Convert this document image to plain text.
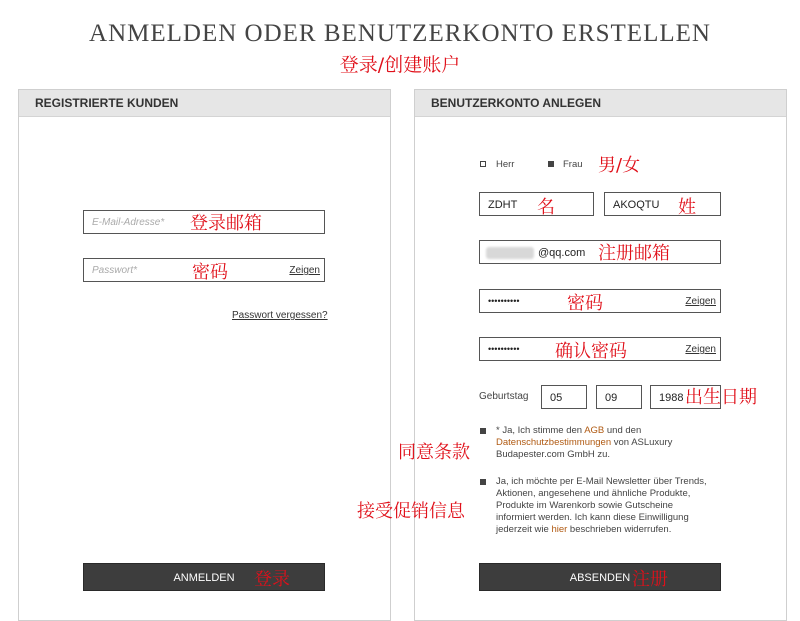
ANMELDEN ODER BENUTZERKONTO ERSTELLEN
登录/创建账户
REGISTRIERTE KUNDEN
E-Mail-Adresse* 登录邮箱
Passwort*	Zeigen
密码
Passwort vergessen?
ANMELDEN	登录
BENUTZERKONTO ANLEGEN
Herr	Frau 男/女
ZDHT 名	AKOQTU 姓
@qq.com 注册邮箱
••••••••••	Zeigen
密码
••••••••••	Zeigen
确认密码
Geburtstag 05	09	1988 出生日期
* Ja, Ich stimme den AGB und den
Datenschutzbestimmungen von ASLuxury
Budapester.com GmbH zu.
同意条款
Ja, ich möchte per E-Mail Newsletter über Trends,
Aktionen, angesehene und ähnliche Produkte,
Produkte im Warenkorb sowie Gutscheine
informiert werden. Ich kann diese Einwilligung
jederzeit wie hier beschrieben widerrufen.
接受促销信息
ABSENDEN 注册
